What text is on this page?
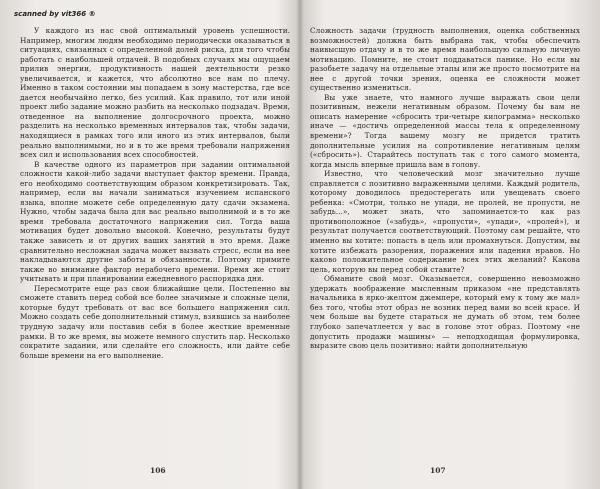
scanned by vit366 ®

У каждого из нас свой оптимальный уровень успешности. Например, многим людям необходимо периодически оказываться в ситуациях, связанных с определенной долей риска, для того чтобы работать с наибольшей отдачей. В подобных случаях мы ощущаем прилив энергии, продуктивность нашей деятельности резко увеличивается, и кажется, что абсолютно все нам по плечу. Именно в таком состоянии мы попадаем в зону мастерства, где все дается необычайно легко, без усилий. Как правило, тот или иной проект либо задание можно разбить на несколько подзадач. Время, отведенное на выполнение долгосрочного проекта, можно разделить на несколько временных интервалов так, чтобы задачи, находящиеся в рамках того или иного из этих интервалов, были реально выполнимыми, но и в то же время требовали напряжения всех сил и использования всех способностей.

В качестве одного из параметров при задании оптимальной сложности какой-либо задачи выступает фактор времени. Правда, его необходимо соответствующим образом конкретизировать. Так, например, если вы начали заниматься изучением испанского языка, вполне можете себе определенную дату сдачи экзамена. Нужно, чтобы задача была для вас реально выполнимой и в то же время требовала достаточного напряжения сил. Тогда ваша мотивация будет довольно высокой. Конечно, результаты будут также зависеть и от других ваших занятий в это время. Даже сравнительно несложная задача может вызвать стресс, если на нее накладываются другие заботы и обязанности. Поэтому примите также во внимание фактор нерабочего времени. Время же стоит учитывать и при планировании ежедневного распорядка дня.

Пересмотрите еще раз свои ближайшие цели. Постепенно вы сможете ставить перед собой все более значимые и сложные цели, которые будут требовать от вас все большего напряжения сил. Можно создать себе дополнительный стимул, взявшись за наиболее трудную задачу или поставив себя в более жесткие временные рамки. В то же время, вы можете немного спустить пар. Несколько сократите задании, или сделайте его сложность, или дайте себе больше времени на его выполнение.

106

Сложность задачи (трудность выполнения, оценка собственных возможностей) должна быть выбрана так, чтобы обеспечить наивысшую отдачу и в то же время наибольшую сильную личную мотивацию. Помните, не стоит поддаваться панике. Но если вы разобьете задачу на отдельные этапы или же просто посмотрите на нее с другой точки зрения, оценка ее сложности может существенно измениться.

Вы уже знаете, что намного лучше выражать свои цели позитивным, нежели негативным образом. Почему бы вам не описать намерение «сбросить три-четыре килограмма» несколько иначе — «достичь определенной массы тела к определенному времени»? Тогда вашему мозгу не придется тратить дополнительные усилия на сопротивление негативным целям («сбросить»). Старайтесь поступать так с того самого момента, когда мысль впервые пришла вам в голову.

Известно, что человеческий мозг значительно лучше справляется с позитивно выраженными целями. Каждый родитель, которому доводилось предостерегать или увещевать своего ребенка: «Смотри, только не упади, не пролей, не пропусти, не забудь...», может знать, что запоминается-то как раз противоположное («забудь», «пропусти», «упади», «пролей»), и результат получается соответствующий. Поэтому сам решайте, что именно вы хотите: попасть в цель или промахнуться. Допустим, вы хотите избежать разорения, поражения или падения нравов. Но каково положительное содержание всех этих желаний? Какова цель, которую вы перед собой ставите?

Обманите свой мозг. Оказывается, совершенно невозможно удержать воображение мысленным приказом «не представлять начальника в ярко-желтом джемпере, который ему к тому же мал» без того, чтобы этот образ не возник перед вами во всей красе. И чем больше вы будете стараться не думать об этом, тем более глубоко запечатлеется у вас в голове этот образ. Поэтому «не допустить продажи машины» — неподходящая формулировка, выразите свою цель позитивно: найти дополнительную

107
